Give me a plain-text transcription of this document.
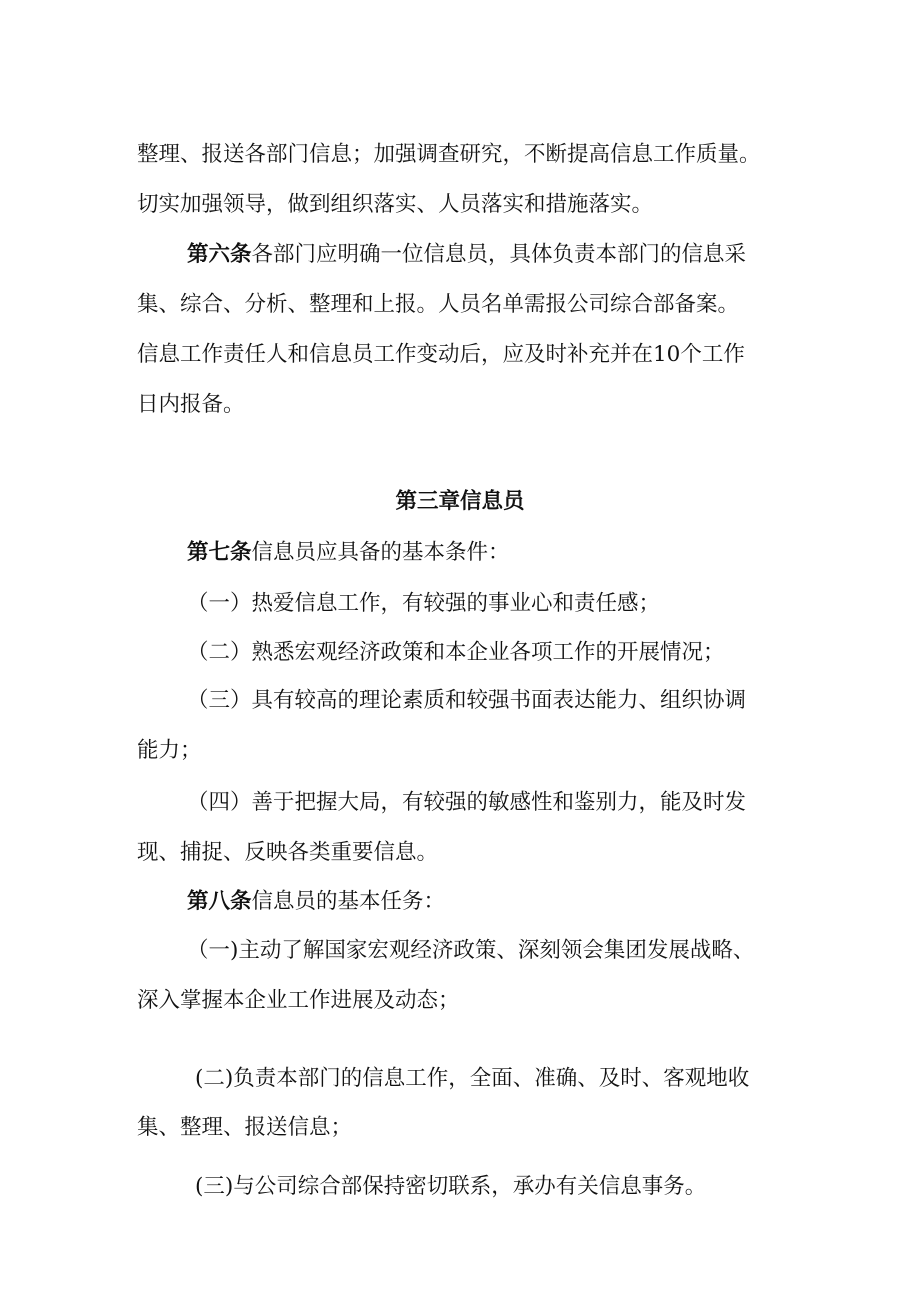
整理、报送各部门信息；加强调查研究，不断提高信息工作质量。
切实加强领导，做到组织落实、人员落实和措施落实。
第六条各部门应明确一位信息员，具体负责本部门的信息采
集、综合、分析、整理和上报。人员名单需报公司综合部备案。
信息工作责任人和信息员工作变动后，应及时补充并在10个工作
日内报备。
第三章信息员
第七条信息员应具备的基本条件：
（一）热爱信息工作，有较强的事业心和责任感；
（二）熟悉宏观经济政策和本企业各项工作的开展情况；
（三）具有较高的理论素质和较强书面表达能力、组织协调
能力；
（四）善于把握大局，有较强的敏感性和鉴别力，能及时发
现、捕捉、反映各类重要信息。
第八条信息员的基本任务：
（一)主动了解国家宏观经济政策、深刻领会集团发展战略、
深入掌握本企业工作进展及动态；
(二)负责本部门的信息工作，全面、准确、及时、客观地收
集、整理、报送信息；
(三)与公司综合部保持密切联系，承办有关信息事务。
